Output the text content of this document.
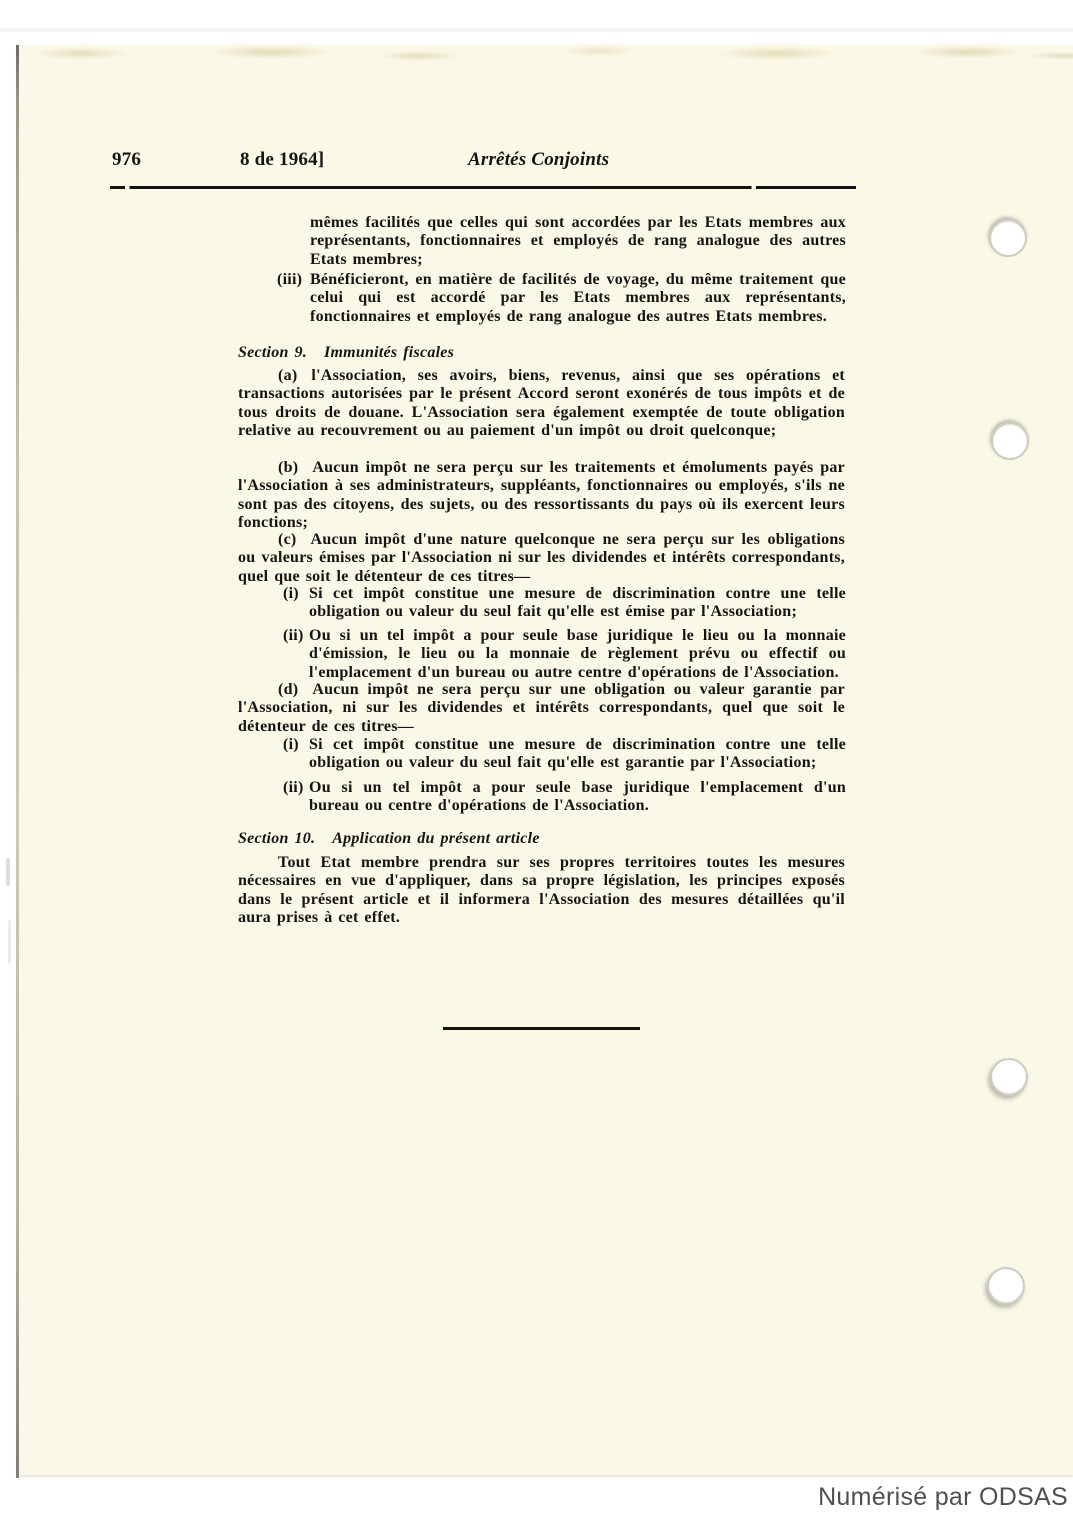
976	8 de 1964]	Arrêtés Conjoints
mêmes facilités que celles qui sont accordées par les Etats membres aux représentants, fonctionnaires et employés de rang analogue des autres Etats membres;
(iii) Bénéficieront, en matière de facilités de voyage, du même traitement que celui qui est accordé par les Etats membres aux représentants, fonctionnaires et employés de rang analogue des autres Etats membres.
Section 9. Immunités fiscales
(a) l'Association, ses avoirs, biens, revenus, ainsi que ses opérations et transactions autorisées par le présent Accord seront exonérés de tous impôts et de tous droits de douane. L'Association sera également exemptée de toute obligation relative au recouvrement ou au paiement d'un impôt ou droit quelconque;
(b) Aucun impôt ne sera perçu sur les traitements et émoluments payés par l'Association à ses administrateurs, suppléants, fonctionnaires ou employés, s'ils ne sont pas des citoyens, des sujets, ou des ressortissants du pays où ils exercent leurs fonctions;
(c) Aucun impôt d'une nature quelconque ne sera perçu sur les obligations ou valeurs émises par l'Association ni sur les dividendes et intérêts correspondants, quel que soit le détenteur de ces titres—
(i) Si cet impôt constitue une mesure de discrimination contre une telle obligation ou valeur du seul fait qu'elle est émise par l'Association;
(ii) Ou si un tel impôt a pour seule base juridique le lieu ou la monnaie d'émission, le lieu ou la monnaie de règlement prévu ou effectif ou l'emplacement d'un bureau ou autre centre d'opérations de l'Association.
(d) Aucun impôt ne sera perçu sur une obligation ou valeur garantie par l'Association, ni sur les dividendes et intérêts correspondants, quel que soit le détenteur de ces titres—
(i) Si cet impôt constitue une mesure de discrimination contre une telle obligation ou valeur du seul fait qu'elle est garantie par l'Association;
(ii) Ou si un tel impôt a pour seule base juridique l'emplacement d'un bureau ou centre d'opérations de l'Association.
Section 10. Application du présent article
Tout Etat membre prendra sur ses propres territoires toutes les mesures nécessaires en vue d'appliquer, dans sa propre législation, les principes exposés dans le présent article et il informera l'Association des mesures détaillées qu'il aura prises à cet effet.
Numérisé par ODSAS
